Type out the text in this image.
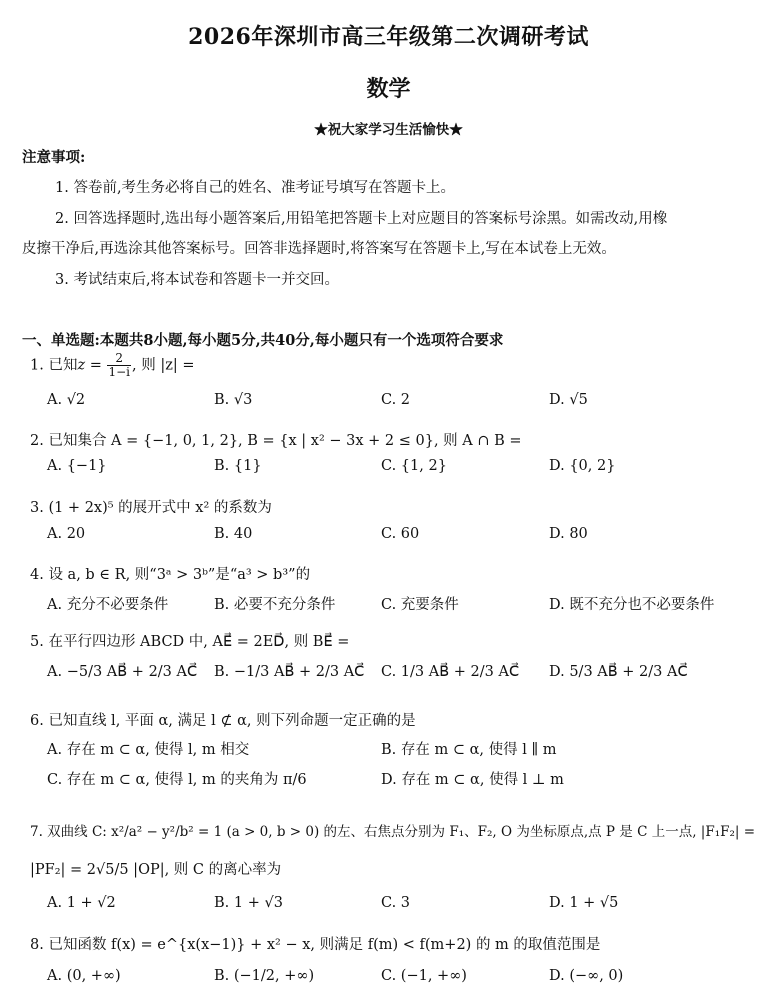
2026年深圳市高三年级第二次调研考试
数学
★祝大家学习生活愉快★
注意事项:
1. 答卷前,考生务必将自己的姓名、准考证号填写在答题卡上。
2. 回答选择题时,选出每小题答案后,用铅笔把答题卡上对应题目的答案标号涂黑。如需改动,用橡
皮擦干净后,再选涂其他答案标号。回答非选择题时,将答案写在答题卡上,写在本试卷上无效。
3. 考试结束后,将本试卷和答题卡一并交回。
一、单选题:本题共8小题,每小题5分,共40分,每小题只有一个选项符合要求
1. 已知$z = \frac{2}{1-i}$ , 则 |z| =
A. √2	B. √3	C. 2	D. √5
2. 已知集合 A = {−1, 0, 1, 2}, B = {x | x² − 3x + 2 ≤ 0}, 则 A ∩ B =
A. {−1}	B. {1}	C. {1, 2}	D. {0, 2}
3. (1 + 2x)⁵ 的展开式中 x² 的系数为
A. 20	B. 40	C. 60	D. 80
4. 设 a, b ∈ R, 则“3ᵃ > 3ᵇ”是“a³ > b³”的
A. 充分不必要条件	B. 必要不充分条件	C. 充要条件	D. 既不充分也不必要条件
5. 在平行四边形 ABCD 中, AE⃗ = 2ED⃗, 则 BE⃗ =
A. −5/3 AB⃗ + 2/3 AC⃗ B. −1/3 AB⃗ + 2/3 AC⃗ C. 1/3 AB⃗ + 2/3 AC⃗ D. 5/3 AB⃗ + 2/3 AC⃗
6. 已知直线 l, 平面 α, 满足 l ⊄ α, 则下列命题一定正确的是
A. 存在 m ⊂ α, 使得 l, m 相交	B. 存在 m ⊂ α, 使得 l ∥ m
C. 存在 m ⊂ α, 使得 l, m 的夹角为 π/6	D. 存在 m ⊂ α, 使得 l ⊥ m
7. 双曲线 C: x²/a² − y²/b² = 1 (a > 0, b > 0) 的左、右焦点分别为 F₁、F₂, O 为坐标原点,点 P 是 C 上一点, |F₁F₂| =
|PF₂| = 2√5/5 |OP|, 则 C 的离心率为
A. 1 + √2	B. 1 + √3	C. 3	D. 1 + √5
8. 已知函数 f(x) = e^{x(x−1)} + x² − x, 则满足 f(m) < f(m+2) 的 m 的取值范围是
A. (0, +∞)	B. (−1/2, +∞)	C. (−1, +∞)	D. (−∞, 0)
